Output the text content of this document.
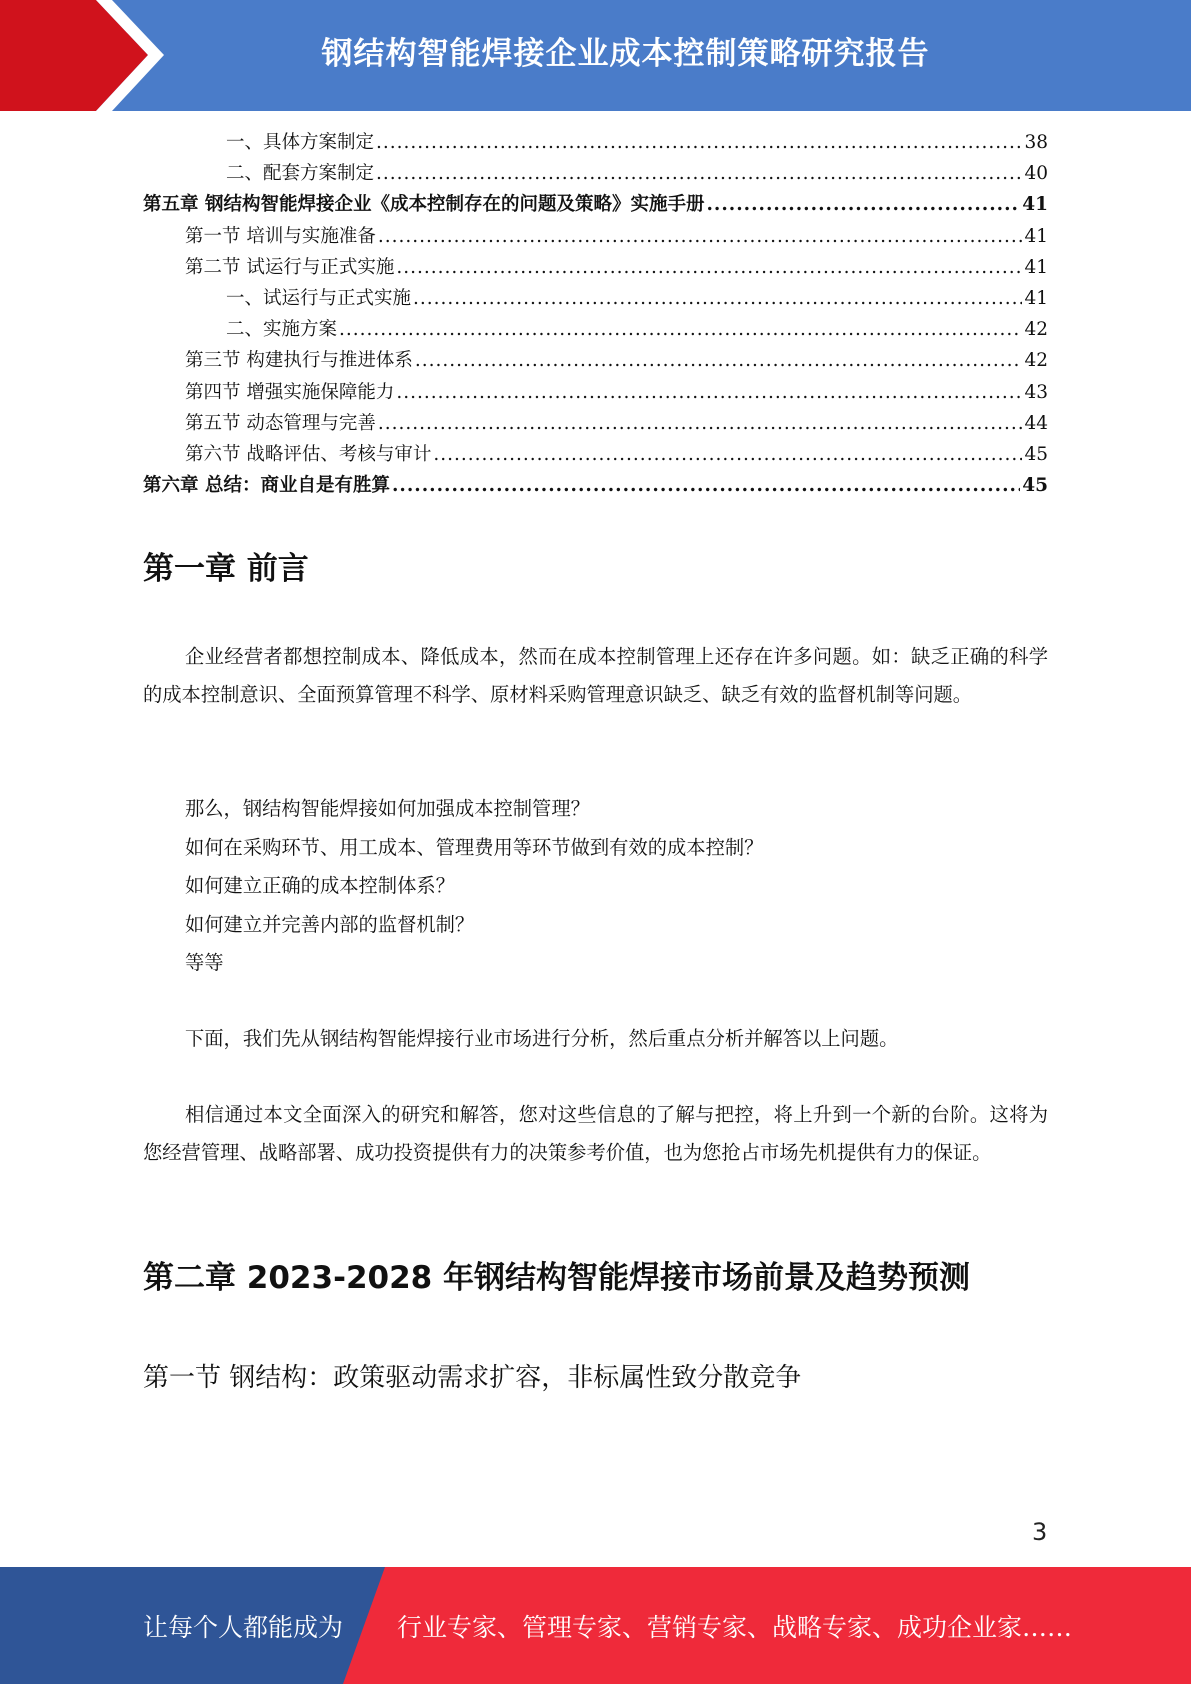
钢结构智能焊接企业成本控制策略研究报告
一、具体方案制定 .....	38
二、配套方案制定 .....	40
第五章 钢结构智能焊接企业《成本控制存在的问题及策略》实施手册 .....	41
第一节 培训与实施准备 .....	41
第二节 试运行与正式实施 .....	41
一、试运行与正式实施 .....	41
二、实施方案 .....	42
第三节 构建执行与推进体系 .....	42
第四节 增强实施保障能力 .....	43
第五节 动态管理与完善 .....	44
第六节 战略评估、考核与审计 .....	45
第六章 总结：商业自是有胜算 .....	45
第一章 前言
企业经营者都想控制成本、降低成本，然而在成本控制管理上还存在许多问题。如：缺乏正确的科学的成本控制意识、全面预算管理不科学、原材料采购管理意识缺乏、缺乏有效的监督机制等问题。
那么，钢结构智能焊接如何加强成本控制管理？
如何在采购环节、用工成本、管理费用等环节做到有效的成本控制？
如何建立正确的成本控制体系？
如何建立并完善内部的监督机制？
等等
下面，我们先从钢结构智能焊接行业市场进行分析，然后重点分析并解答以上问题。
相信通过本文全面深入的研究和解答，您对这些信息的了解与把控，将上升到一个新的台阶。这将为您经营管理、战略部署、成功投资提供有力的决策参考价值，也为您抢占市场先机提供有力的保证。
第二章 2023-2028 年钢结构智能焊接市场前景及趋势预测
第一节 钢结构：政策驱动需求扩容，非标属性致分散竞争
3
让每个人都能成为 行业专家、管理专家、营销专家、战略专家、成功企业家……
